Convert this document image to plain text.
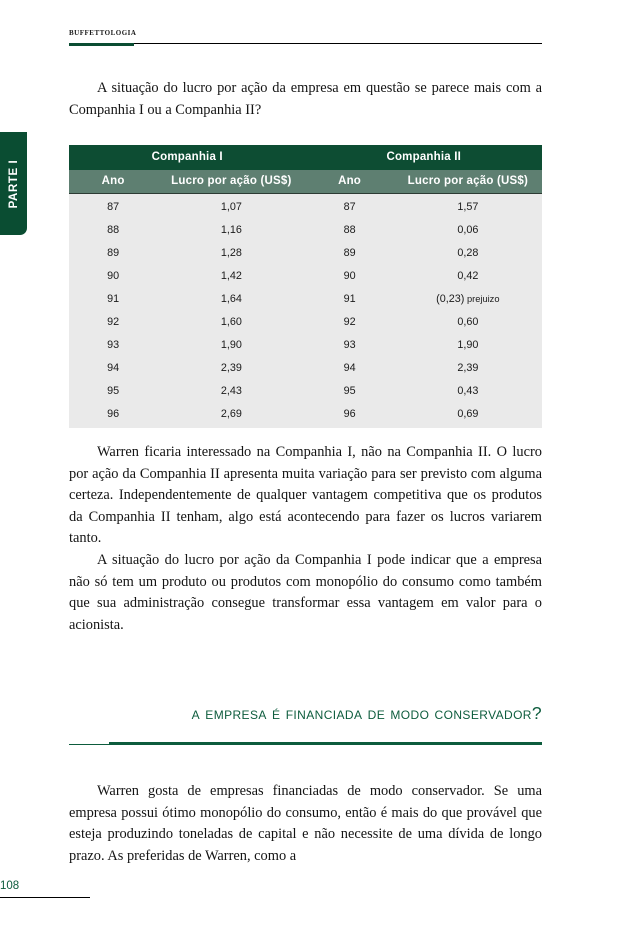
PARTE I
buffettologia

A situação do lucro por ação da empresa em questão se parece mais com a Companhia I ou a Companhia II?

Companhia I		Companhia II	
Ano	Lucro por ação (US$)	Ano	Lucro por ação (US$)
87	1,07	87	1,57
88	1,16	88	0,06
89	1,28	89	0,28
90	1,42	90	0,42
91	1,64	91	(0,23) prejuizo
92	1,60	92	0,60
93	1,90	93	1,90
94	2,39	94	2,39
95	2,43	95	0,43
96	2,69	96	0,69

Warren ficaria interessado na Companhia I, não na Companhia II. O lucro por ação da Companhia II apresenta muita variação para ser previsto com alguma certeza. Independentemente de qualquer vantagem competitiva que os produtos da Companhia II tenham, algo está acontecendo para fazer os lucros variarem tanto.

A situação do lucro por ação da Companhia I pode indicar que a empresa não só tem um produto ou produtos com monopólio do consumo como também que sua administração consegue transformar essa vantagem em valor para o acionista.

a empresa é financiada de modo conservador?

Warren gosta de empresas financiadas de modo conservador. Se uma empresa possui ótimo monopólio do consumo, então é mais do que provável que esteja produzindo toneladas de capital e não necessite de uma dívida de longo prazo. As preferidas de Warren, como a

108
